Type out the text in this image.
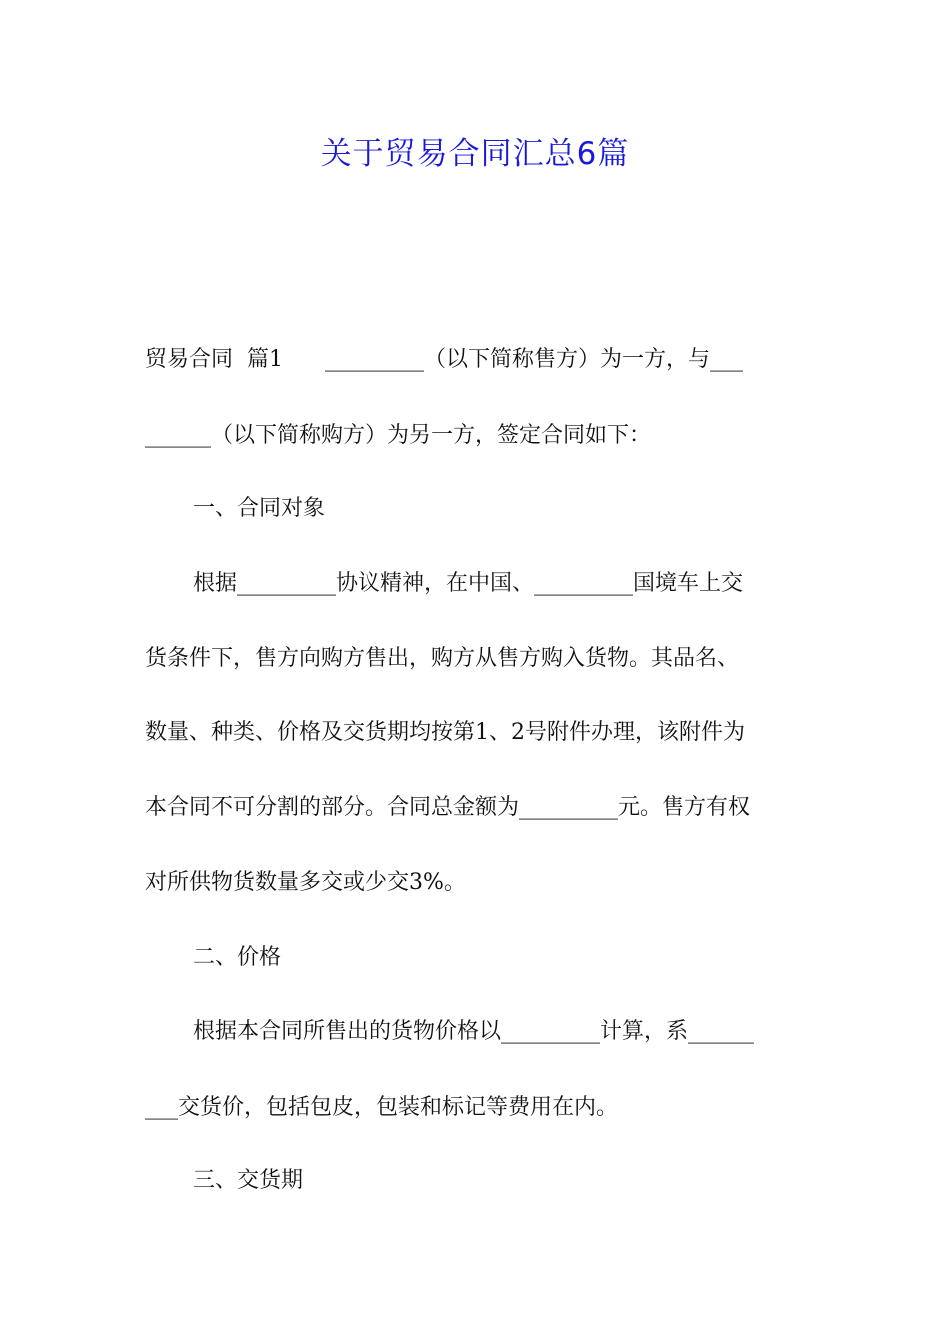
关于贸易合同汇总6篇

贸易合同  篇1      _________（以下简称售方）为一方，与___

______（以下简称购方）为另一方，签定合同如下：

一、合同对象

根据_________协议精神，在中国、_________国境车上交

货条件下，售方向购方售出，购方从售方购入货物。其品名、

数量、种类、价格及交货期均按第1、2号附件办理，该附件为

本合同不可分割的部分。合同总金额为_________元。售方有权

对所供物货数量多交或少交3%。

二、价格

根据本合同所售出的货物价格以_________计算，系______

___交货价，包括包皮，包装和标记等费用在内。

三、交货期
